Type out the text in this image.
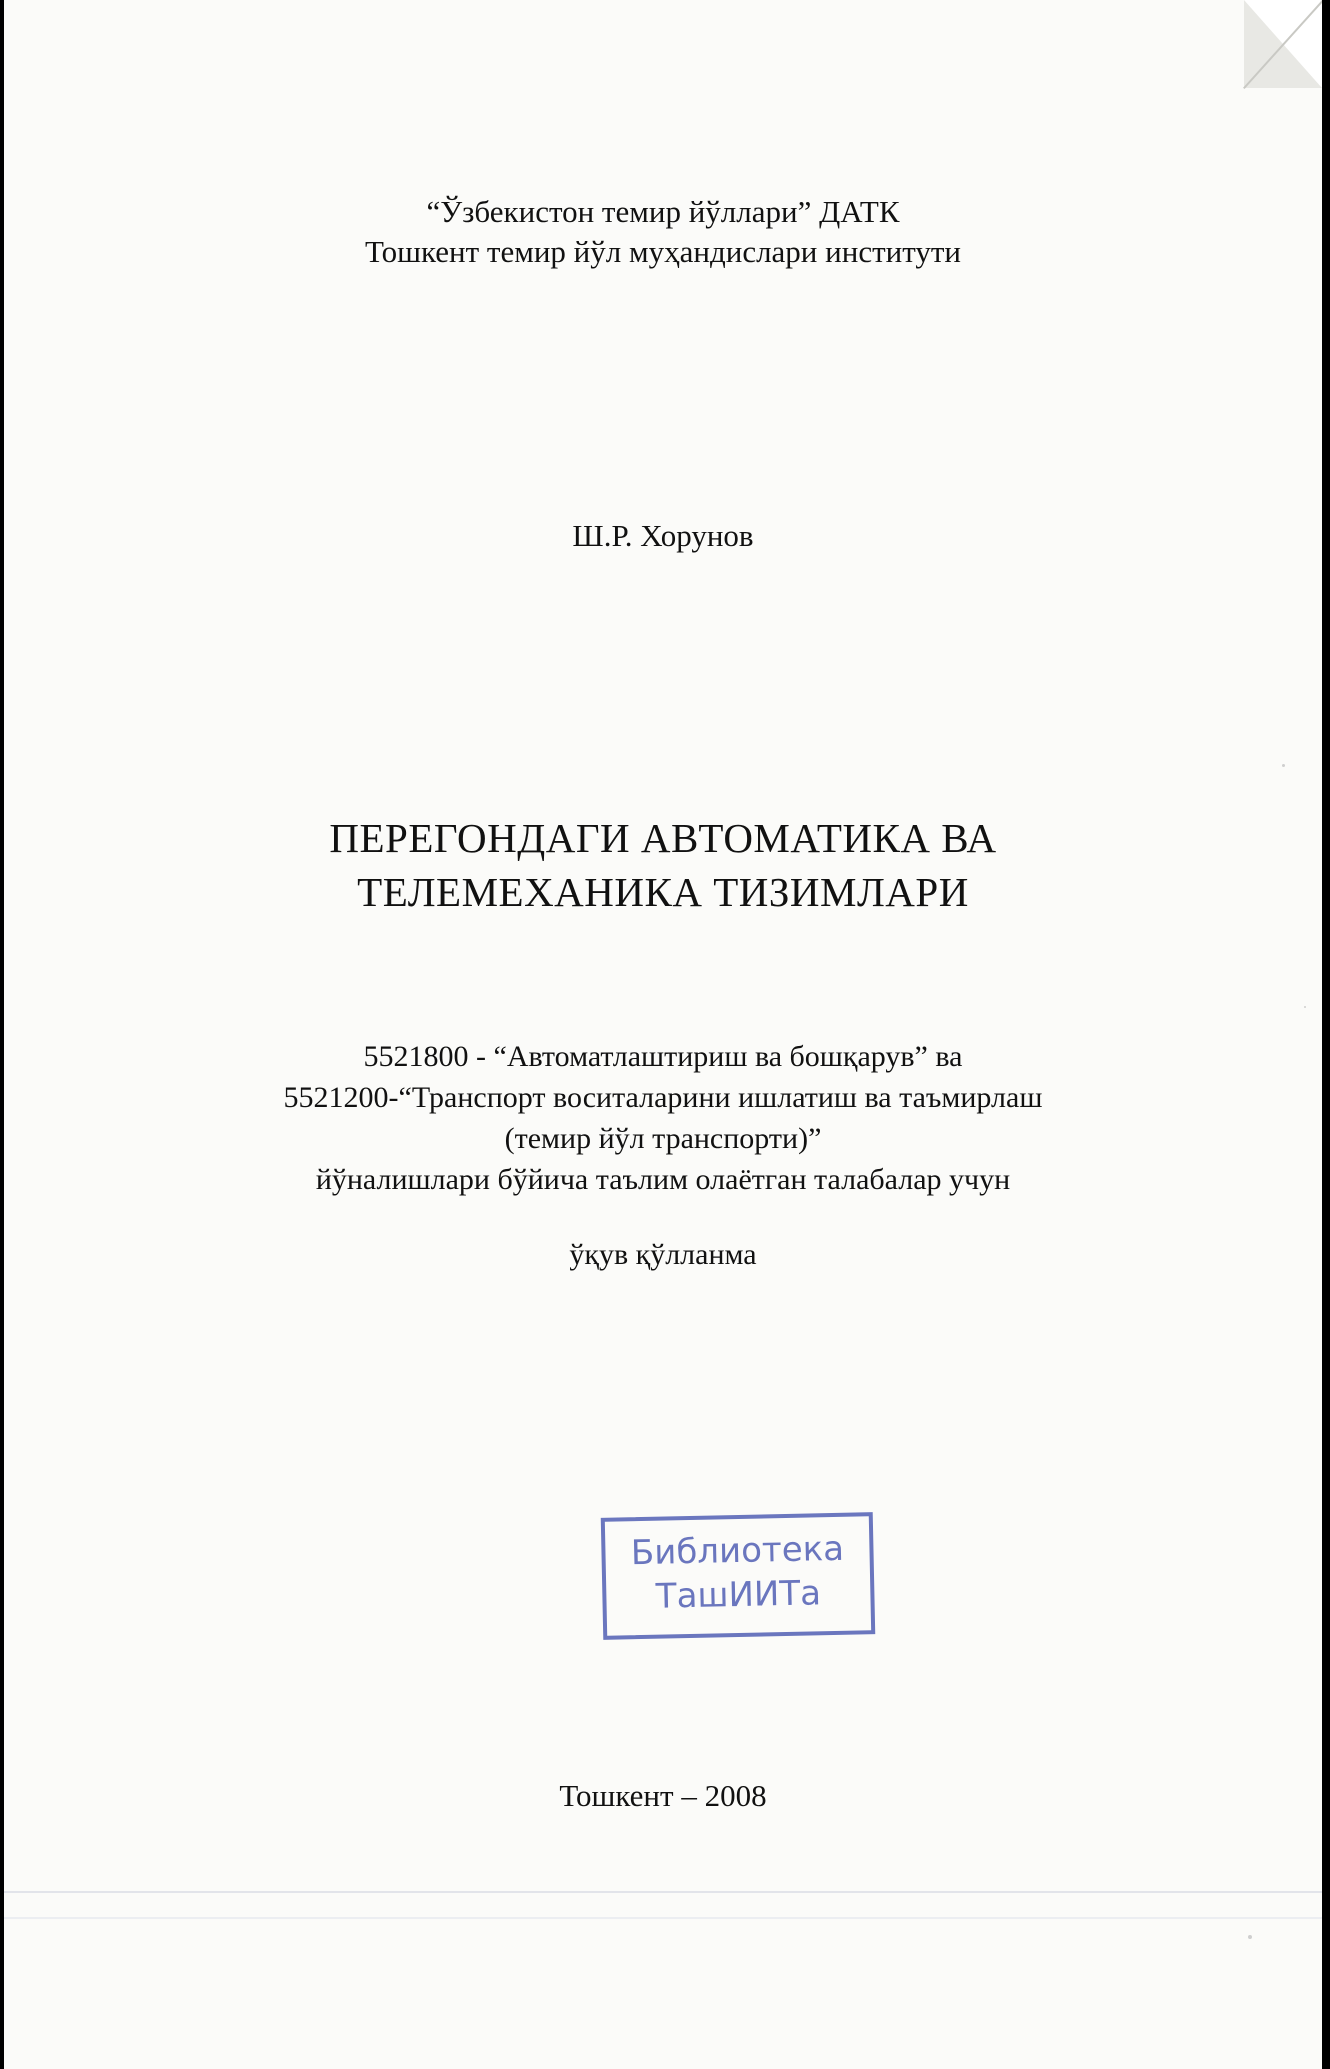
“Ўзбекистон темир йўллари” ДАТК
Тошкент темир йўл муҳандислари институти
Ш.Р. Хорунов
ПЕРЕГОНДАГИ АВТОМАТИКА ВА
ТЕЛЕМЕХАНИКА ТИЗИМЛАРИ
5521800 - “Автоматлаштириш ва бошқарув” ва
5521200-“Транспорт воситаларини ишлатиш ва таъмирлаш
(темир йўл транспорти)”
йўналишлари бўйича таълим олаётган талабалар учун
ўқув қўлланма
Библиотека
ТашИИТа
Тошкент – 2008
